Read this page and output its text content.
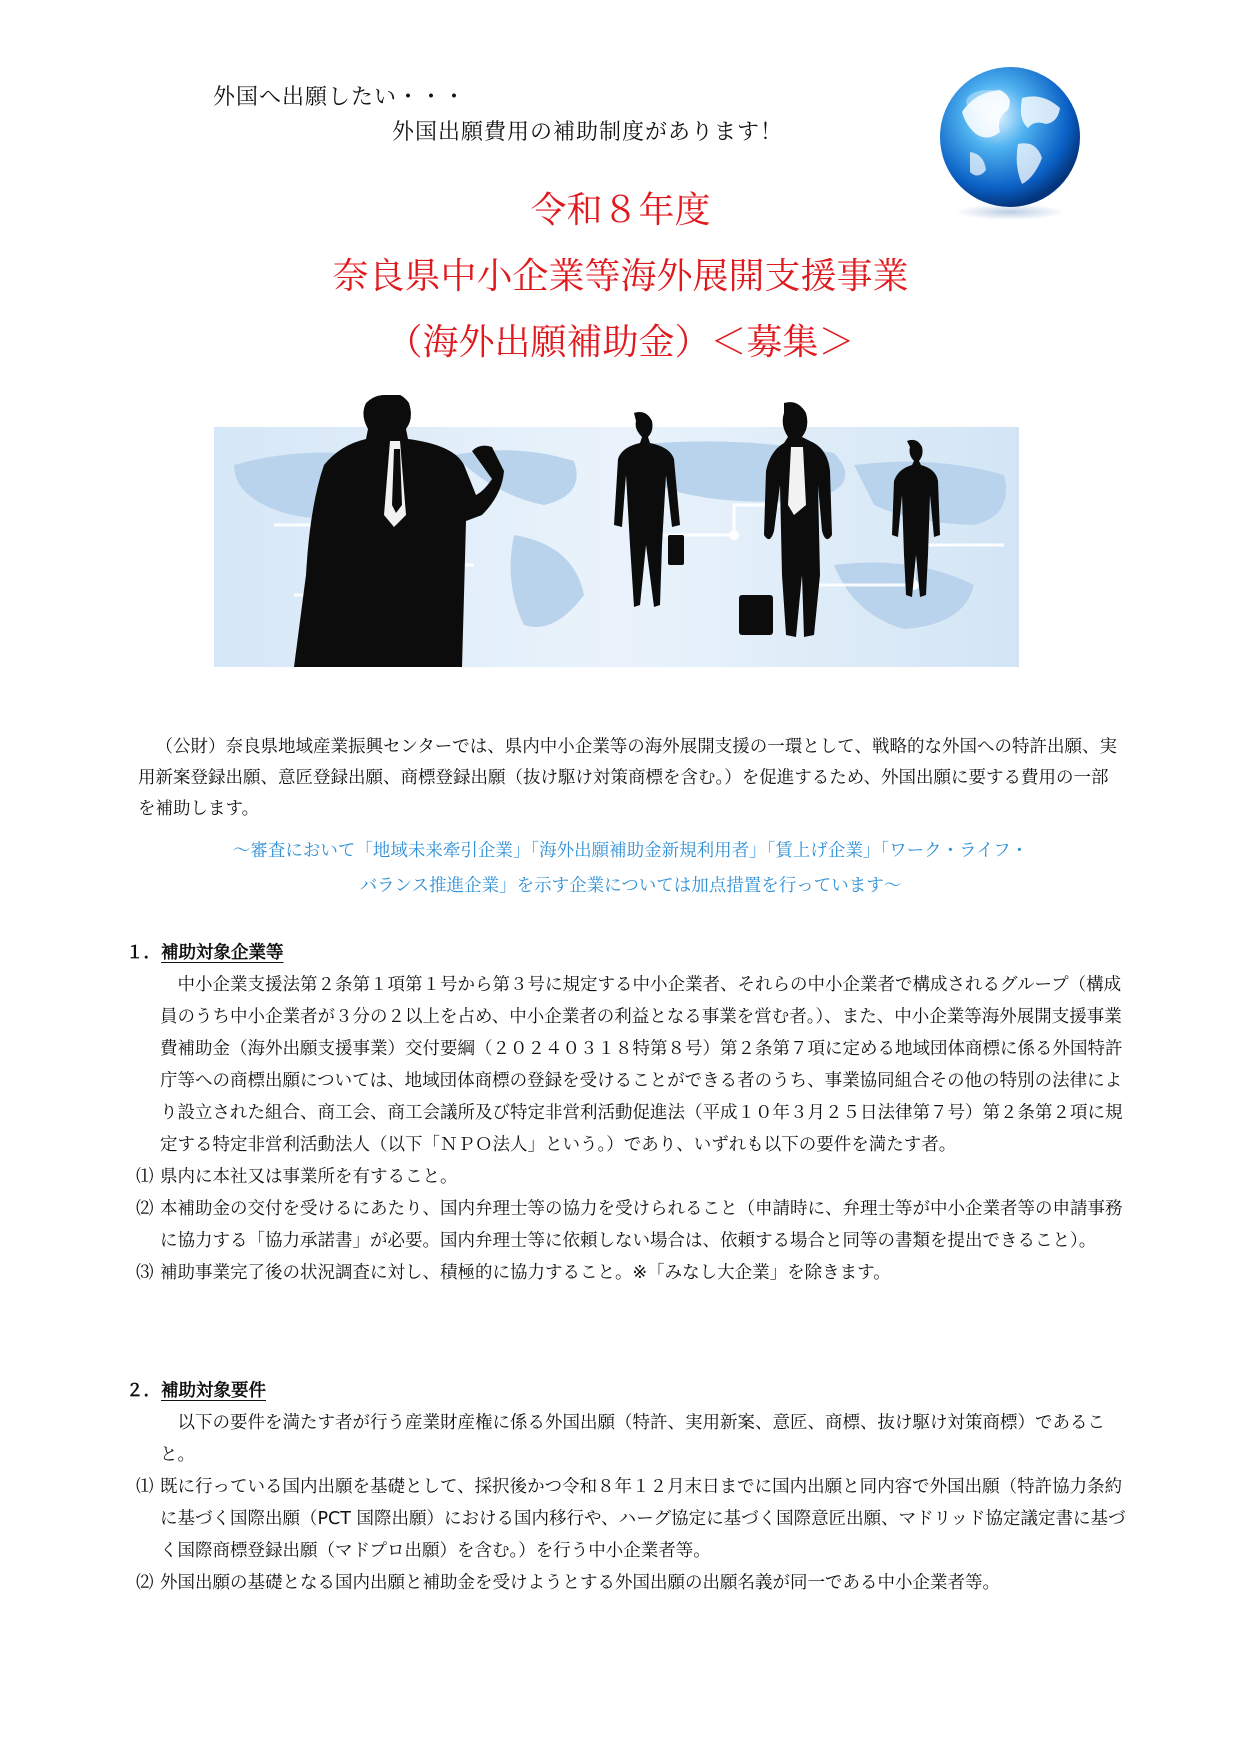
外国へ出願したい・・・
外国出願費用の補助制度があります！
令和８年度
奈良県中小企業等海外展開支援事業
（海外出願補助金）＜募集＞

（公財）奈良県地域産業振興センターでは、県内中小企業等の海外展開支援の一環として、戦略的な外国への特許出願、実用新案登録出願、意匠登録出願、商標登録出願（抜け駆け対策商標を含む。）を促進するため、外国出願に要する費用の一部を補助します。

～審査において「地域未来牽引企業」「海外出願補助金新規利用者」「賃上げ企業」「ワーク・ライフ・
バランス推進企業」を示す企業については加点措置を行っています～
１．補助対象企業等

中小企業支援法第２条第１項第１号から第３号に規定する中小企業者、それらの中小企業者で構成されるグループ（構成員のうち中小企業者が３分の２以上を占め、中小企業者の利益となる事業を営む者。）、また、中小企業等海外展開支援事業費補助金（海外出願支援事業）交付要綱（２０２４０３１８特第８号）第２条第７項に定める地域団体商標に係る外国特許庁等への商標出願については、地域団体商標の登録を受けることができる者のうち、事業協同組合その他の特別の法律により設立された組合、商工会、商工会議所及び特定非営利活動促進法（平成１０年３月２５日法律第７号）第２条第２項に規定する特定非営利活動法人（以下「ＮＰＯ法人」という。）であり、いずれも以下の要件を満たす者。

⑴ 県内に本社又は事業所を有すること。
⑵ 本補助金の交付を受けるにあたり、国内弁理士等の協力を受けられること（申請時に、弁理士等が中小企業者等の申請事務に協力する「協力承諾書」が必要。国内弁理士等に依頼しない場合は、依頼する場合と同等の書類を提出できること）。
⑶ 補助事業完了後の状況調査に対し、積極的に協力すること。※「みなし大企業」を除きます。
２．補助対象要件

以下の要件を満たす者が行う産業財産権に係る外国出願（特許、実用新案、意匠、商標、抜け駆け対策商標）であること。

⑴ 既に行っている国内出願を基礎として、採択後かつ令和８年１２月末日までに国内出願と同内容で外国出願（特許協力条約に基づく国際出願（PCT 国際出願）における国内移行や、ハーグ協定に基づく国際意匠出願、マドリッド協定議定書に基づく国際商標登録出願（マドプロ出願）を含む。）を行う中小企業者等。
⑵ 外国出願の基礎となる国内出願と補助金を受けようとする外国出願の出願名義が同一である中小企業者等。
